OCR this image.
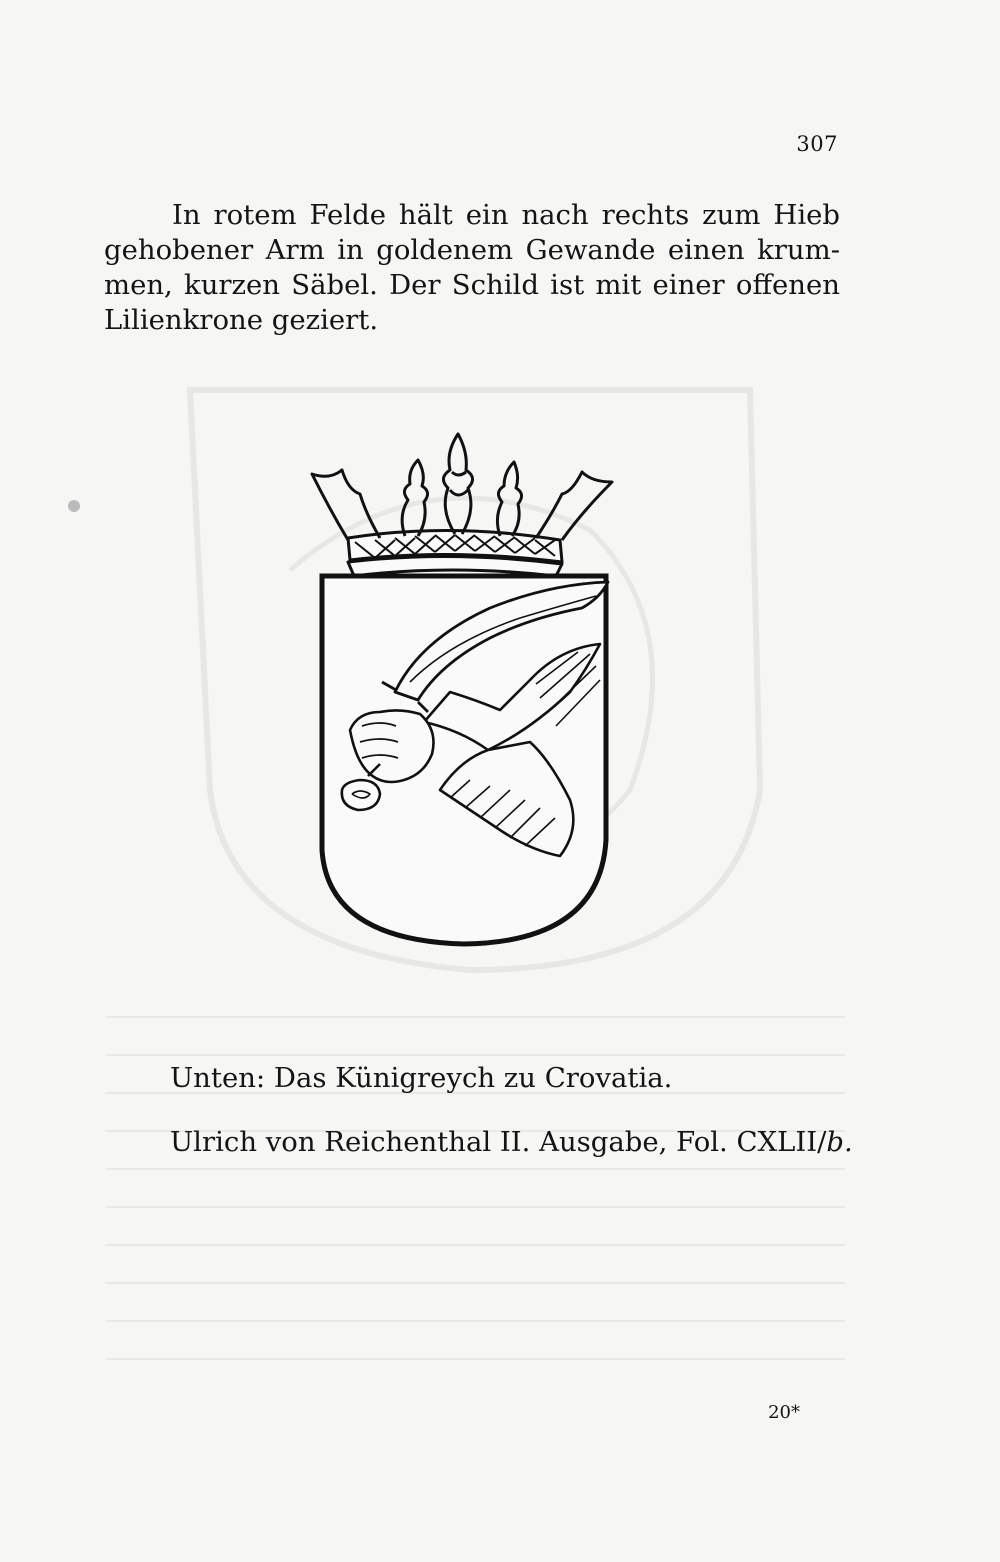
307

In rotem Felde hält ein nach rechts zum Hieb gehobener Arm in goldenem Gewande einen krummen, kurzen Säbel. Der Schild ist mit einer offenen Lilienkrone geziert.

Unten: Das Künigreych zu Crovatia.
Ulrich von Reichenthal II. Ausgabe, Fol. CXLII/b.
20*
